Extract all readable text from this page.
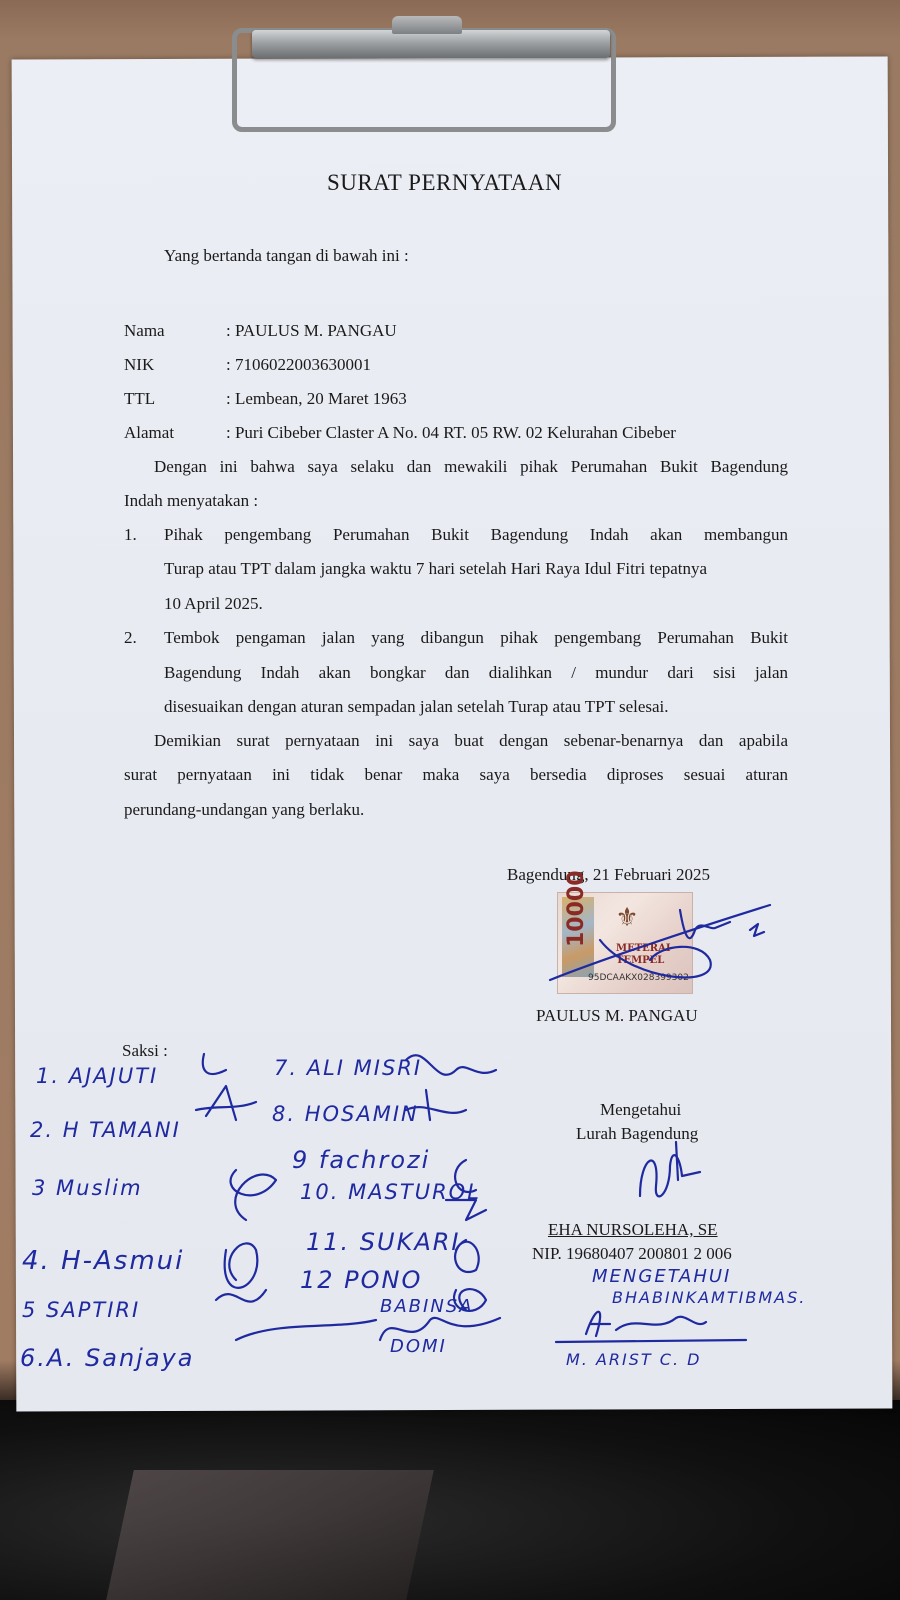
SURAT PERNYATAAN
Yang bertanda tangan di bawah ini :
Nama	: PAULUS M. PANGAU
NIK	: 7106022003630001
TTL	: Lembean, 20 Maret 1963
Alamat	: Puri Cibeber Claster A No. 04 RT. 05 RW. 02 Kelurahan Cibeber
Dengan ini bahwa saya selaku dan mewakili pihak Perumahan Bukit Bagendung
Indah menyatakan :
1. Pihak pengembang Perumahan Bukit Bagendung Indah akan membangun
Turap atau TPT dalam jangka waktu 7 hari setelah Hari Raya Idul Fitri tepatnya
10 April 2025.
2. Tembok pengaman jalan yang dibangun pihak pengembang Perumahan Bukit
Bagendung Indah akan bongkar dan dialihkan / mundur dari sisi jalan
disesuaikan dengan aturan sempadan jalan setelah Turap atau TPT selesai.
Demikian surat pernyataan ini saya buat dengan sebenar-benarnya dan apabila
surat pernyataan ini tidak benar maka saya bersedia diproses sesuai aturan
perundang-undangan yang berlaku.
Bagendung, 21 Februari 2025
10000 ⚜
METERAI
TEMPEL
95DCAAKX028399302
PAULUS M. PANGAU
Saksi :
1. AJAJUTI
2. H TAMANI
3 Muslim
4. H-Asmui
5 SAPTIRI
6.A. Sanjaya
7. ALI MISRI
8. HOSAMIN
9 fachrozi
10. MASTUROL
11. SUKARI
12 PONO
BABINSA
DOMI
Mengetahui
Lurah Bagendung
EHA NURSOLEHA, SE
NIP. 19680407 200801 2 006
MENGETAHUI
BHABINKAMTIBMAS.
M. ARIST C. D
